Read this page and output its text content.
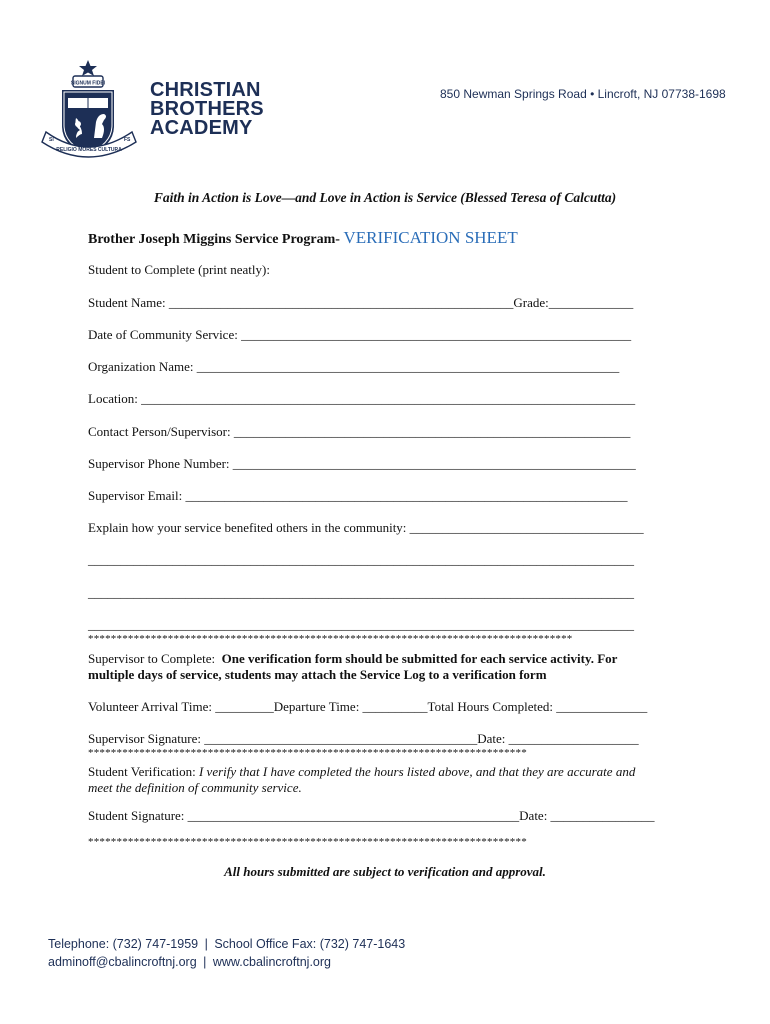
SIGNUM FIDEI
RELIGIO MORES CULTURA
SI	FS
CHRISTIAN
BROTHERS
ACADEMY
850 Newman Springs Road • Lincroft, NJ 07738-1698
Faith in Action is Love—and Love in Action is Service (Blessed Teresa of Calcutta)
Brother Joseph Miggins Service Program- VERIFICATION SHEET
Student to Complete (print neatly):
Student Name: _____________________________________________________Grade:_____________
Date of Community Service: ____________________________________________________________
Organization Name: _________________________________________________________________
Location: ____________________________________________________________________________
Contact Person/Supervisor: _____________________________________________________________
Supervisor Phone Number: ______________________________________________________________
Supervisor Email: ____________________________________________________________________
Explain how your service benefited others in the community: ____________________________________
____________________________________________________________________________________
____________________________________________________________________________________
____________________________________________________________________________________
*************************************************************************************
Supervisor to Complete: One verification form should be submitted for each service activity. For
multiple days of service, students may attach the Service Log to a verification form
Volunteer Arrival Time: _________Departure Time: __________Total Hours Completed: ______________
Supervisor Signature: __________________________________________Date: ____________________
*****************************************************************************
Student Verification: I verify that I have completed the hours listed above, and that they are accurate and
meet the definition of community service.
Student Signature: ___________________________________________________Date: ________________
*****************************************************************************
All hours submitted are subject to verification and approval.
Telephone: (732) 747-1959 | School Office Fax: (732) 747-1643
adminoff@cbalincroftnj.org | www.cbalincroftnj.org
